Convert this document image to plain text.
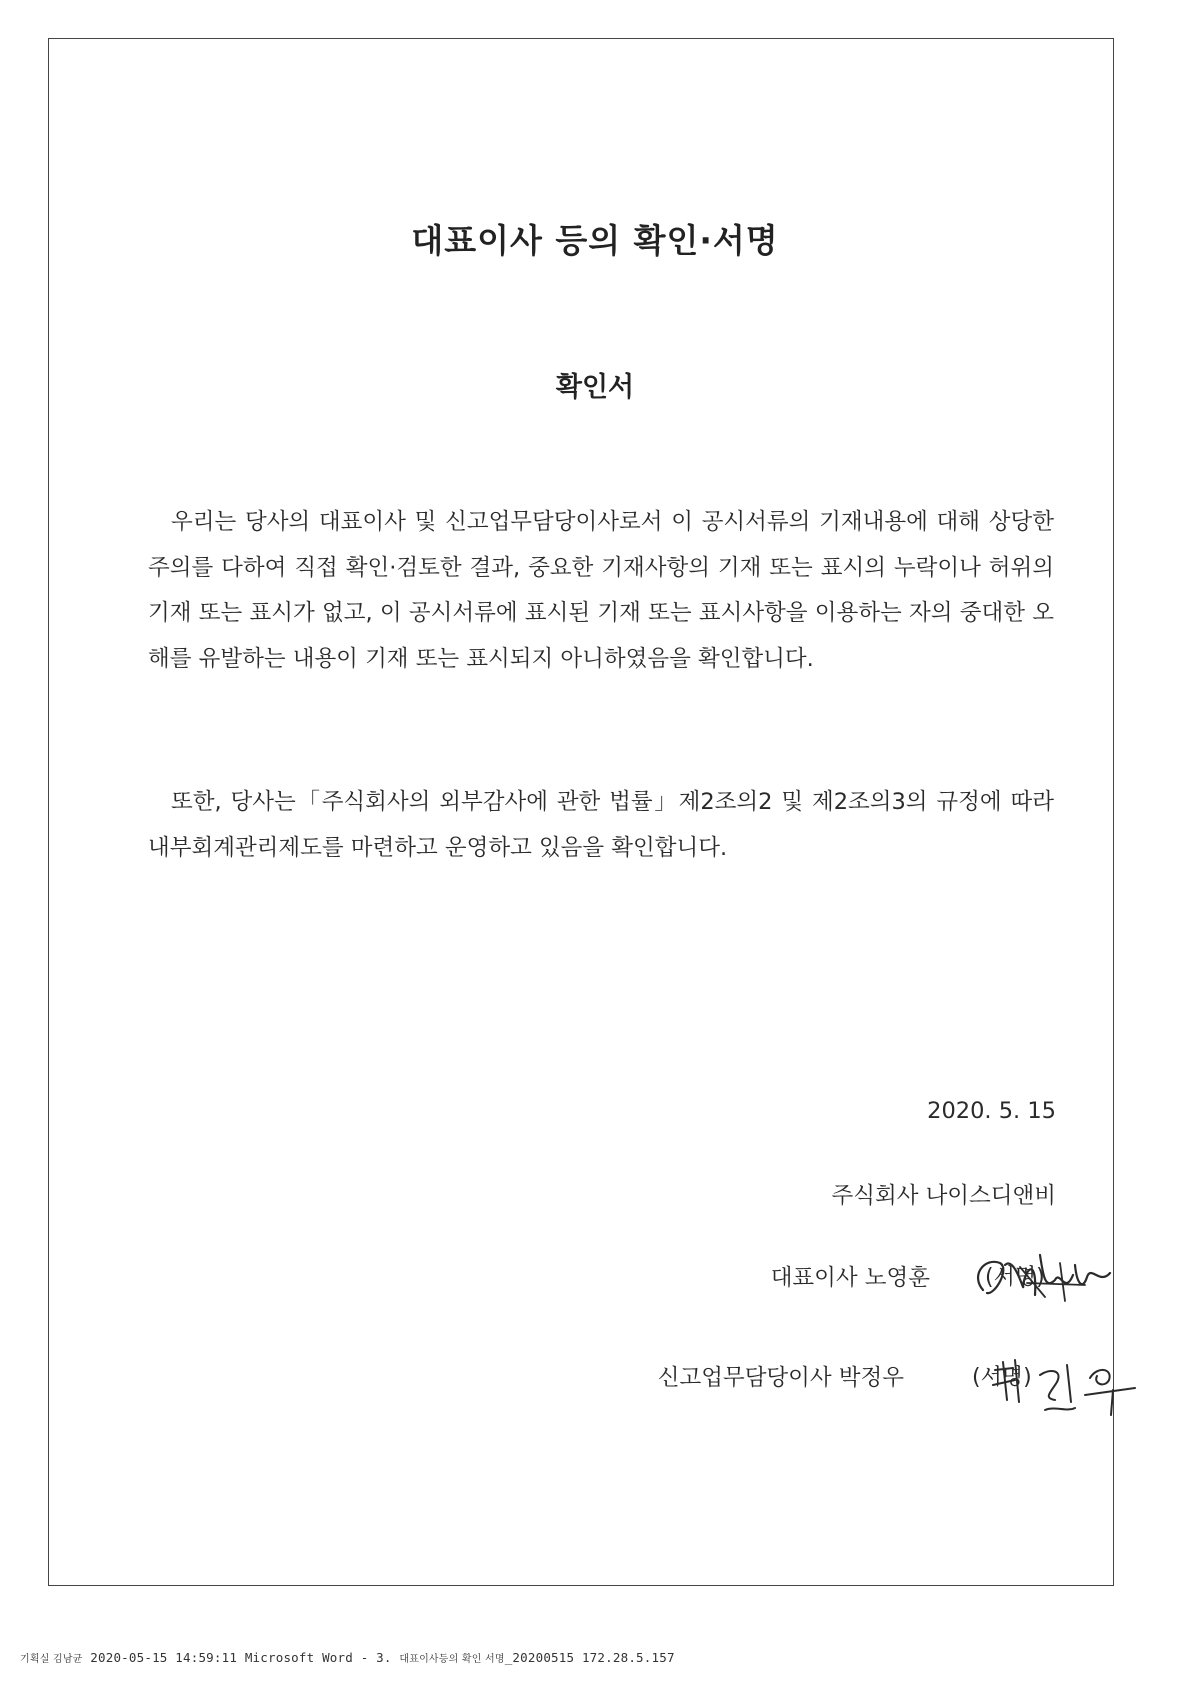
대표이사 등의 확인·서명
확인서

우리는 당사의 대표이사 및 신고업무담당이사로서 이 공시서류의 기재내용에 대해 상당한 주의를 다하여 직접 확인·검토한 결과, 중요한 기재사항의 기재 또는 표시의 누락이나 허위의 기재 또는 표시가 없고, 이 공시서류에 표시된 기재 또는 표시사항을 이용하는 자의 중대한 오해를 유발하는 내용이 기재 또는 표시되지 아니하였음을 확인합니다.

또한, 당사는「주식회사의 외부감사에 관한 법률」제2조의2 및 제2조의3의 규정에 따라 내부회계관리제도를 마련하고 운영하고 있음을 확인합니다.

2020. 5. 15
주식회사 나이스디앤비
대표이사 노영훈	(서명)
신고업무담당이사 박정우	(서명)
기획실 김남균 2020-05-15 14:59:11 Microsoft Word - 3. 대표이사등의 확인 서명_20200515 172.28.5.157
